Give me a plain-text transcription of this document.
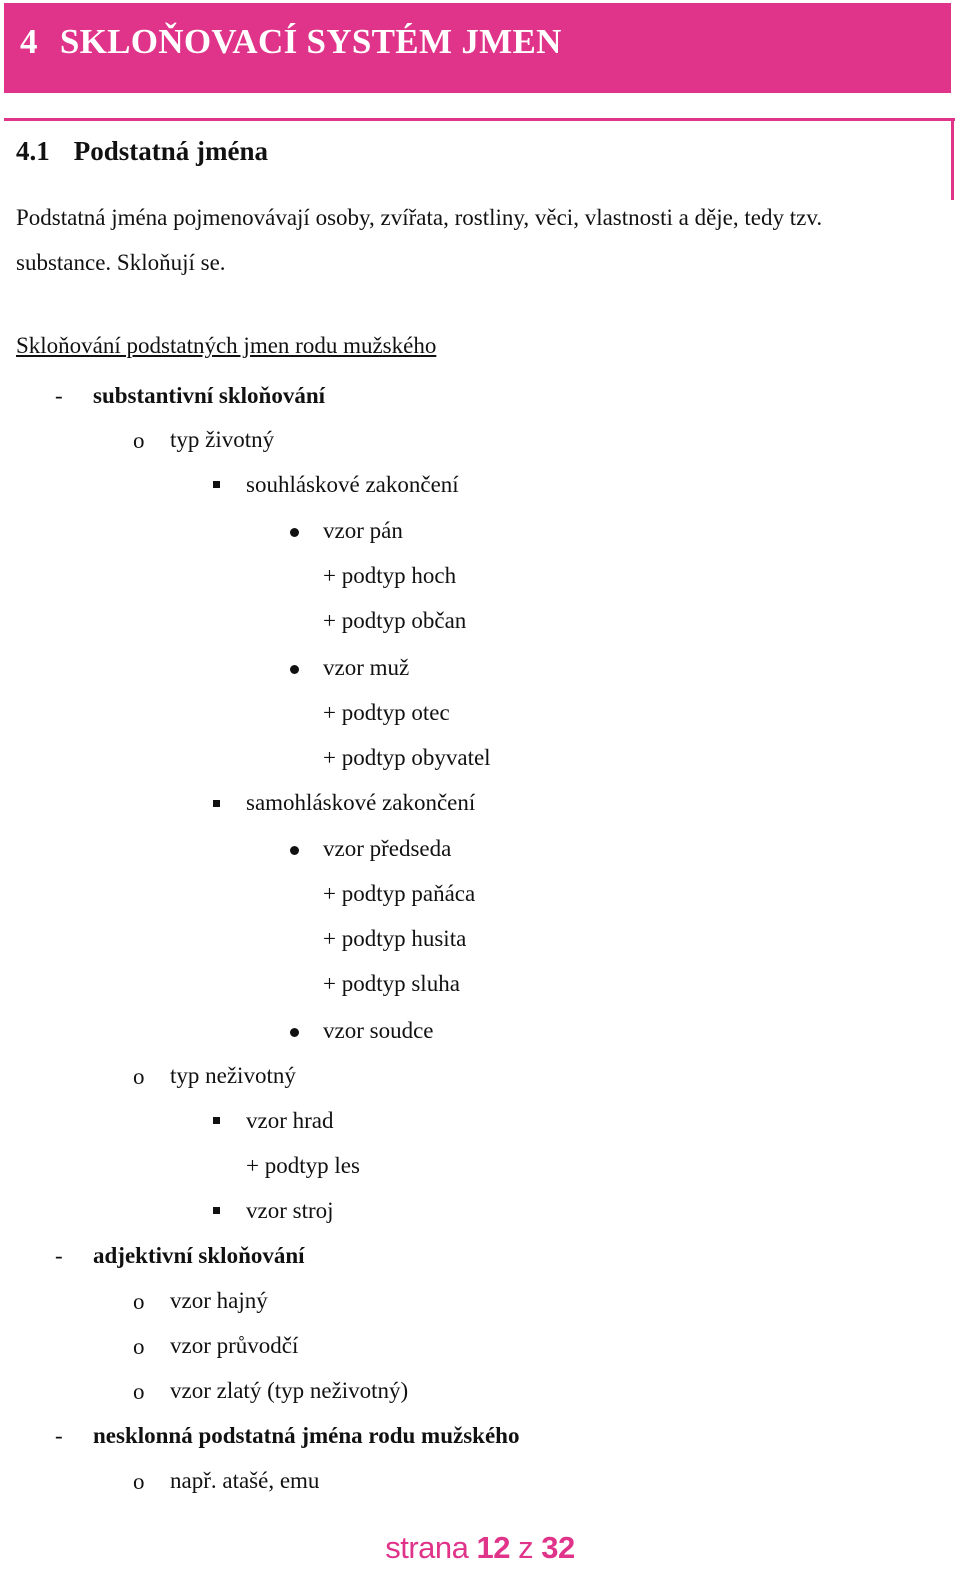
4 SKLOŇOVACÍ SYSTÉM JMEN
4.1 Podstatná jména
Podstatná jména pojmenovávají osoby, zvířata, rostliny, věci, vlastnosti a děje, tedy tzv.
substance. Skloňují se.
Skloňování podstatných jmen rodu mužského
- substantivní skloňování
o typ životný
souhláskové zakončení
vzor pán
+ podtyp hoch
+ podtyp občan
vzor muž
+ podtyp otec
+ podtyp obyvatel
samohláskové zakončení
vzor předseda
+ podtyp paňáca
+ podtyp husita
+ podtyp sluha
vzor soudce
o typ neživotný
vzor hrad
+ podtyp les
vzor stroj
- adjektivní skloňování
o vzor hajný
o vzor průvodčí
o vzor zlatý (typ neživotný)
- nesklonná podstatná jména rodu mužského
o např. atašé, emu
strana 12 z 32
